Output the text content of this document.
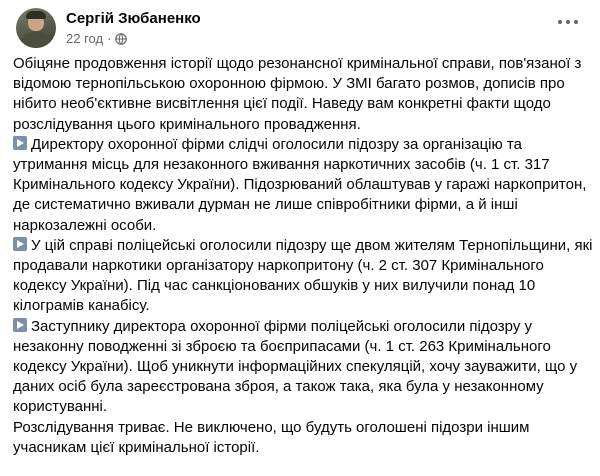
Сергій Зюбаненко
22 год ·

Обіцяне продовження історії щодо резонансної кримінальної справи, пов'язаної з відомою тернопільською охоронною фірмою. У ЗМІ багато розмов, дописів про нібито необ'єктивне висвітлення цієї події. Наведу вам конкретні факти щодо розслідування цього кримінального провадження.

Директору охоронної фірми слідчі оголосили підозру за організацію та утримання місць для незаконного вживання наркотичних засобів (ч. 1 ст. 317 Кримінального кодексу України). Підозрюваний облаштував у гаражі наркопритон, де систематично вживали дурман не лише співробітники фірми, а й інші наркозалежні особи.

У цій справі поліцейські оголосили підозру ще двом жителям Тернопільщини, які продавали наркотики організатору наркопритону (ч. 2 ст. 307 Кримінального кодексу України). Під час санкціонованих обшуків у них вилучили понад 10 кілограмів канабісу.

Заступнику директора охоронної фірми поліцейські оголосили підозру у незаконну поводженні зі зброєю та боєприпасами (ч. 1 ст. 263 Кримінального кодексу України). Щоб уникнути інформаційних спекуляцій, хочу зауважити, що у даних осіб була зареєстрована зброя, а також така, яка була у незаконному користуванні.

Розслідування триває. Не виключено, що будуть оголошені підозри іншим учасникам цієї кримінальної історії.
